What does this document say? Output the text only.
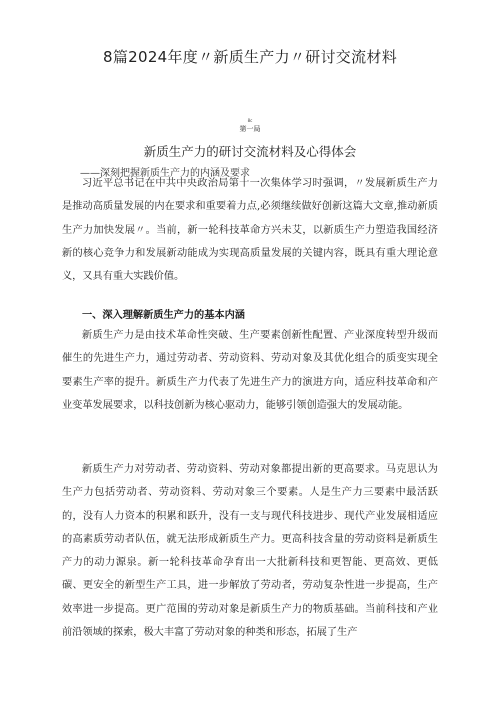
8篇2024年度〃新质生产力〃研讨交流材料
8c
第一局
新质生产力的研讨交流材料及心得体会
——深刻把握新质生产力的内涵及要求
习近平总书记在中共中央政治局第十一次集体学习时强调，〃发展新质生产力是推动高质量发展的内在要求和重要着力点,必须继续做好创新这篇大文章,推动新质生产力加快发展〃。当前，新一轮科技革命方兴未艾，以新质生产力塑造我国经济新的核心竞争力和发展新动能成为实现高质量发展的关键内容，既具有重大理论意义，又具有重大实践价值。
一、深入理解新质生产力的基本内涵
新质生产力是由技术革命性突破、生产要素创新性配置、产业深度转型升级而催生的先进生产力，通过劳动者、劳动资料、劳动对象及其优化组合的质变实现全要素生产率的提升。新质生产力代表了先进生产力的演进方向，适应科技革命和产业变革发展要求，以科技创新为核心驱动力，能够引领创造强大的发展动能。
新质生产力对劳动者、劳动资料、劳动对象都提出新的更高要求。马克思认为生产力包括劳动者、劳动资料、劳动对象三个要素。人是生产力三要素中最活跃的，没有人力资本的积累和跃升，没有一支与现代科技进步、现代产业发展相适应的高素质劳动者队伍，就无法形成新质生产力。更高科技含量的劳动资料是新质生产力的动力源泉。新一轮科技革命孕育出一大批新科技和更智能、更高效、更低碳、更安全的新型生产工具，进一步解放了劳动者，劳动复杂性进一步提高，生产效率进一步提高。更广范围的劳动对象是新质生产力的物质基础。当前科技和产业前沿领域的探索，极大丰富了劳动对象的种类和形态，拓展了生产
